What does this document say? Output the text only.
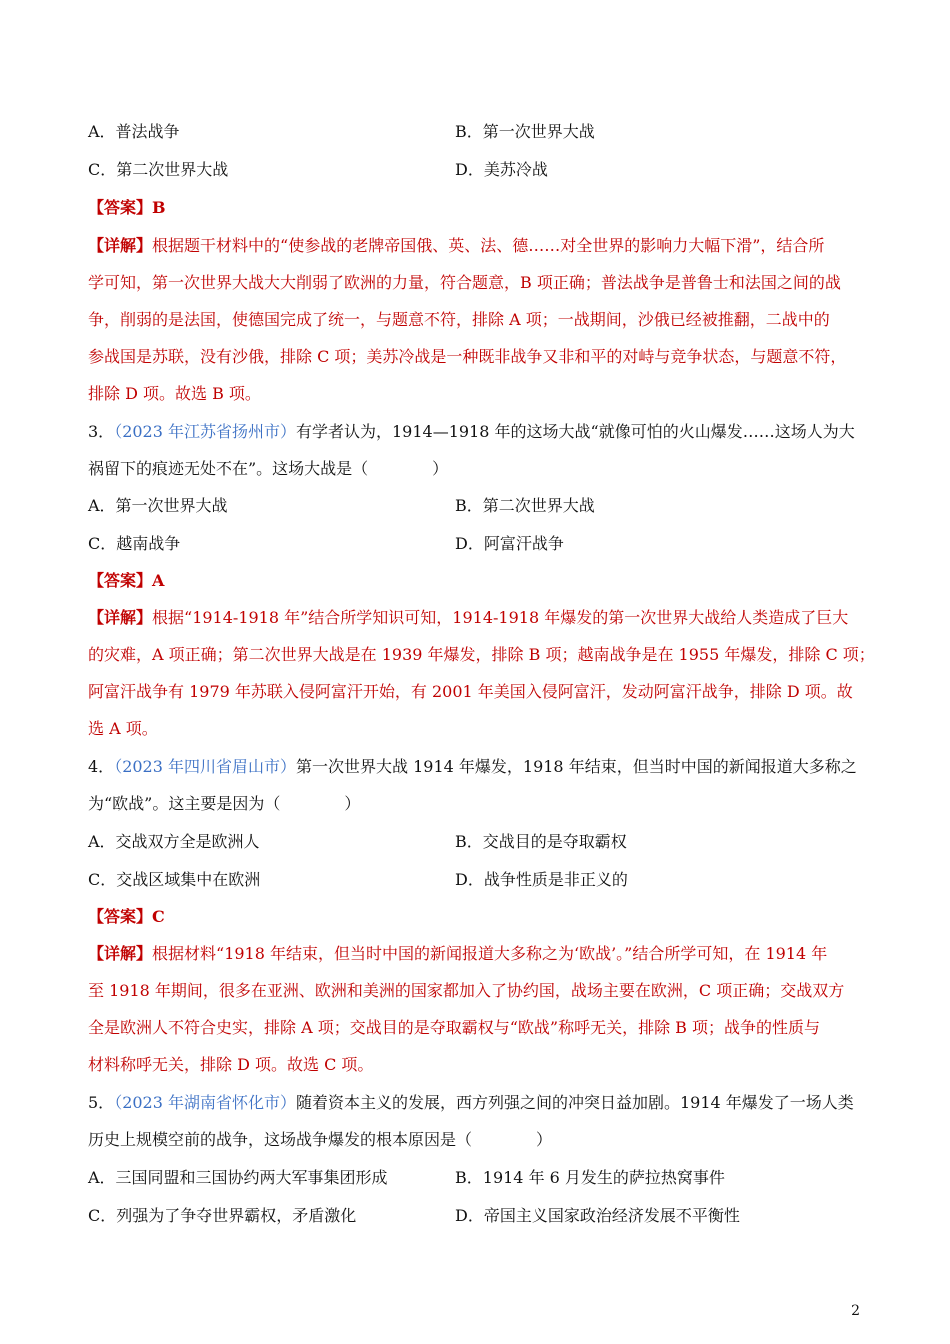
A．普法战争	B．第一次世界大战
C．第二次世界大战	D．美苏冷战
【答案】B
【详解】根据题干材料中的“使参战的老牌帝国俄、英、法、德……对全世界的影响力大幅下滑”，结合所
学可知，第一次世界大战大大削弱了欧洲的力量，符合题意，B 项正确；普法战争是普鲁士和法国之间的战
争，削弱的是法国，使德国完成了统一，与题意不符，排除 A 项；一战期间，沙俄已经被推翻，二战中的
参战国是苏联，没有沙俄，排除 C 项；美苏冷战是一种既非战争又非和平的对峙与竞争状态，与题意不符，
排除 D 项。故选 B 项。
3．（2023 年江苏省扬州市）有学者认为，1914—1918 年的这场大战“就像可怕的火山爆发……这场人为大
祸留下的痕迹无处不在”。这场大战是（　　　　）
A．第一次世界大战	B．第二次世界大战
C．越南战争	D．阿富汗战争
【答案】A
【详解】根据“1914-1918 年”结合所学知识可知，1914-1918 年爆发的第一次世界大战给人类造成了巨大
的灾难，A 项正确；第二次世界大战是在 1939 年爆发，排除 B 项；越南战争是在 1955 年爆发，排除 C 项；
阿富汗战争有 1979 年苏联入侵阿富汗开始，有 2001 年美国入侵阿富汗，发动阿富汗战争，排除 D 项。故
选 A 项。
4．（2023 年四川省眉山市）第一次世界大战 1914 年爆发，1918 年结束，但当时中国的新闻报道大多称之
为“欧战”。这主要是因为（　　　　）
A．交战双方全是欧洲人	B．交战目的是夺取霸权
C．交战区域集中在欧洲	D．战争性质是非正义的
【答案】C
【详解】根据材料“1918 年结束，但当时中国的新闻报道大多称之为‘欧战’。”结合所学可知，在 1914 年
至 1918 年期间，很多在亚洲、欧洲和美洲的国家都加入了协约国，战场主要在欧洲，C 项正确；交战双方
全是欧洲人不符合史实，排除 A 项；交战目的是夺取霸权与“欧战”称呼无关，排除 B 项；战争的性质与
材料称呼无关，排除 D 项。故选 C 项。
5．（2023 年湖南省怀化市）随着资本主义的发展，西方列强之间的冲突日益加剧。1914 年爆发了一场人类
历史上规模空前的战争，这场战争爆发的根本原因是（　　　　）
A．三国同盟和三国协约两大军事集团形成	B．1914 年 6 月发生的萨拉热窝事件
C．列强为了争夺世界霸权，矛盾激化	D．帝国主义国家政治经济发展不平衡性
2
